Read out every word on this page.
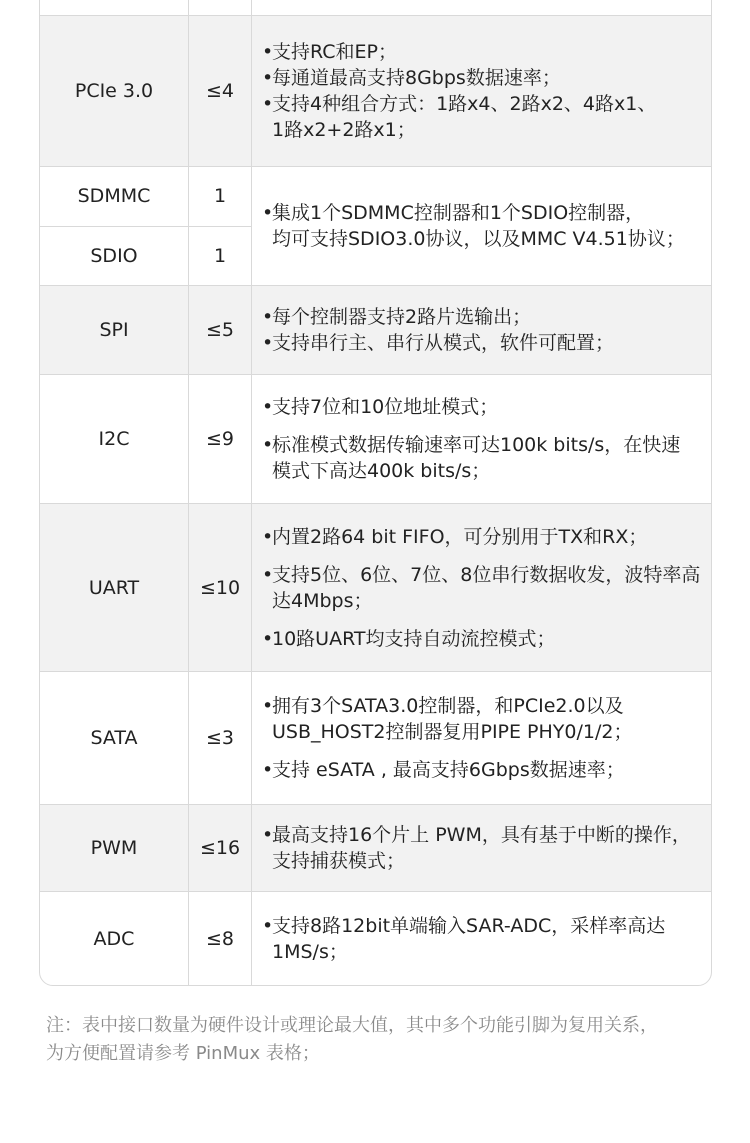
PCIe 3.0	≤4
• 支持RC和EP；
• 每通道最高支持8Gbps数据速率；
• 支持4种组合方式：1路x4、2路x2、4路x1、
1路x2+2路x1；
SDMMC	1
SDIO	1
• 集成1个SDMMC控制器和1个SDIO控制器，
均可支持SDIO3.0协议，以及MMC V4.51协议；
SPI	≤5
• 每个控制器支持2路片选输出；
• 支持串行主、串行从模式，软件可配置；
I2C	≤9
• 支持7位和10位地址模式；
• 标准模式数据传输速率可达100k bits/s，在快速
模式下高达400k bits/s；
UART	≤10
• 内置2路64 bit FIFO，可分别用于TX和RX；
• 支持5位、6位、7位、8位串行数据收发，波特率高
达4Mbps；
• 10路UART均支持自动流控模式；
SATA	≤3
• 拥有3个SATA3.0控制器，和PCIe2.0以及
USB_HOST2控制器复用PIPE PHY0/1/2；
• 支持 eSATA , 最高支持6Gbps数据速率；
PWM	≤16
• 最高支持16个片上 PWM，具有基于中断的操作，
支持捕获模式；
ADC	≤8
• 支持8路12bit单端输入SAR-ADC，采样率高达
1MS/s；
注：表中接口数量为硬件设计或理论最大值，其中多个功能引脚为复用关系，
为方便配置请参考 PinMux 表格；
